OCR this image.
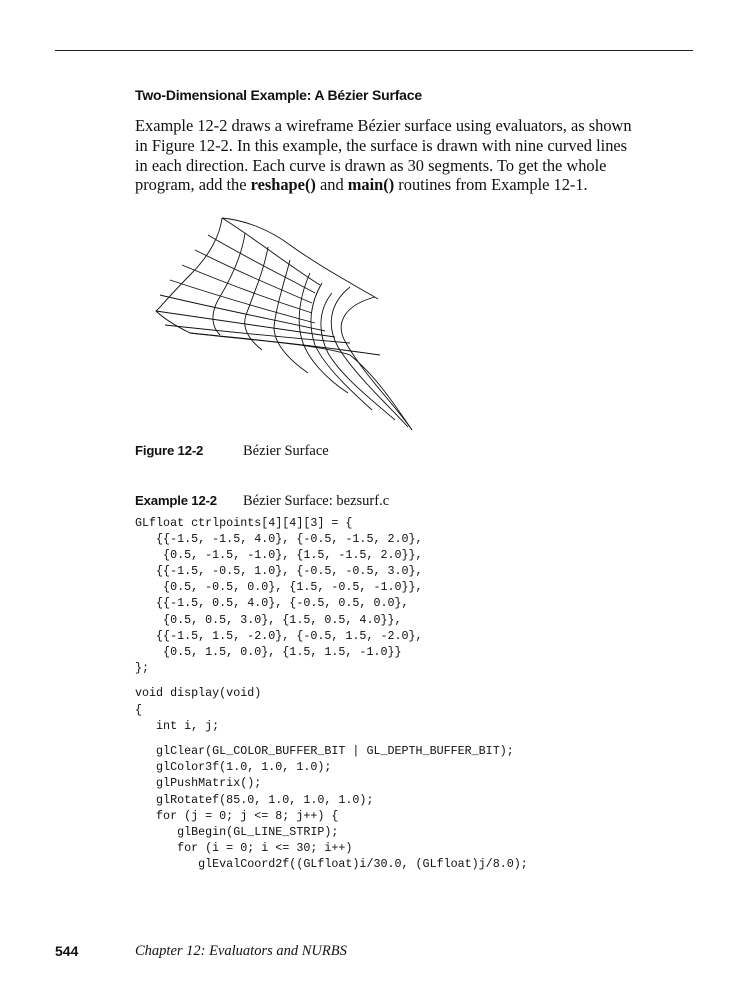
Two-Dimensional Example: A Bézier Surface

Example 12-2 draws a wireframe Bézier surface using evaluators, as shown
in Figure 12-2. In this example, the surface is drawn with nine curved lines
in each direction. Each curve is drawn as 30 segments. To get the whole
program, add the reshape() and main() routines from Example 12-1.

Figure 12-2	Bézier Surface
Example 12-2 Bézier Surface: bezsurf.c
GLfloat ctrlpoints[4][4][3] = {
{{-1.5, -1.5, 4.0}, {-0.5, -1.5, 2.0},
{0.5, -1.5, -1.0}, {1.5, -1.5, 2.0}},
{{-1.5, -0.5, 1.0}, {-0.5, -0.5, 3.0},
{0.5, -0.5, 0.0}, {1.5, -0.5, -1.0}},
{{-1.5, 0.5, 4.0}, {-0.5, 0.5, 0.0},
{0.5, 0.5, 3.0}, {1.5, 0.5, 4.0}},
{{-1.5, 1.5, -2.0}, {-0.5, 1.5, -2.0},
{0.5, 1.5, 0.0}, {1.5, 1.5, -1.0}}
};
void display(void)
{
int i, j;
glClear(GL_COLOR_BUFFER_BIT | GL_DEPTH_BUFFER_BIT);
glColor3f(1.0, 1.0, 1.0);
glPushMatrix();
glRotatef(85.0, 1.0, 1.0, 1.0);
for (j = 0; j <= 8; j++) {
glBegin(GL_LINE_STRIP);
for (i = 0; i <= 30; i++)
glEvalCoord2f((GLfloat)i/30.0, (GLfloat)j/8.0);
544	Chapter 12: Evaluators and NURBS
